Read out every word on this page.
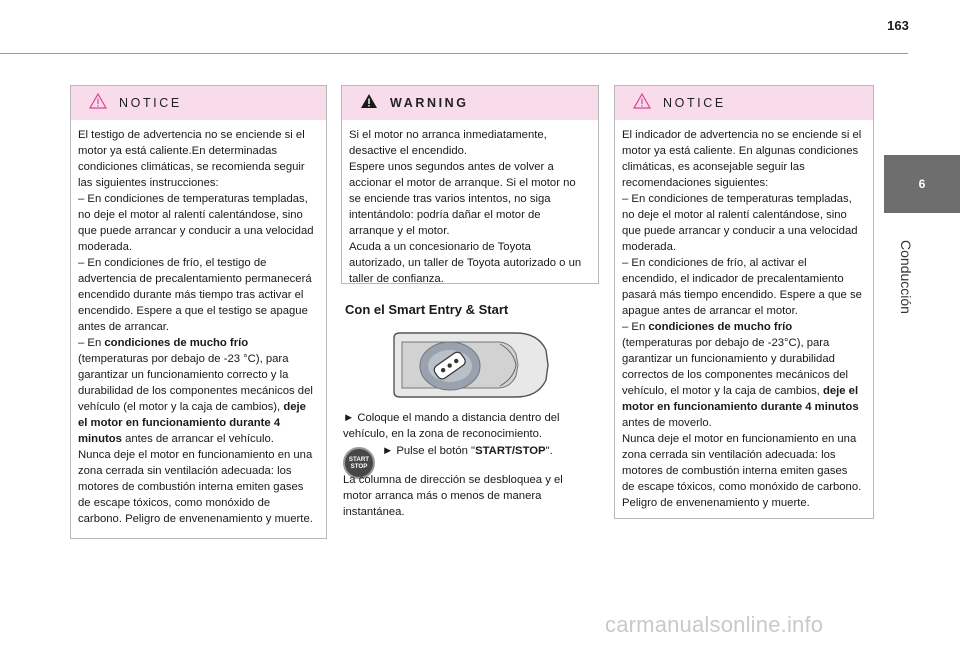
163
6
Conducción
NOTICE

El testigo de advertencia no se enciende si el motor ya está caliente.En determinadas condiciones climáticas, se recomienda seguir las siguientes instrucciones:

– En condiciones de temperaturas templadas, no deje el motor al ralentí calentándose, sino que puede arrancar y conducir a una velocidad moderada.

– En condiciones de frío, el testigo de advertencia de precalentamiento permanecerá encendido durante más tiempo tras activar el encendido. Espere a que el testigo se apague antes de arrancar.

– En condiciones de mucho frío (temperaturas por debajo de -23 °C), para garantizar un funcionamiento correcto y la durabilidad de los componentes mecánicos del vehículo (el motor y la caja de cambios), deje el motor en funcionamiento durante 4 minutos antes de arrancar el vehículo.

Nunca deje el motor en funcionamiento en una zona cerrada sin ventilación adecuada: los motores de combustión interna emiten gases de escape tóxicos, como monóxido de carbono. Peligro de envenenamiento y muerte.

WARNING

Si el motor no arranca inmediatamente, desactive el encendido.

Espere unos segundos antes de volver a accionar el motor de arranque. Si el motor no se enciende tras varios intentos, no siga intentándolo: podría dañar el motor de arranque y el motor.

Acuda a un concesionario de Toyota autorizado, un taller de Toyota autorizado o un taller de confianza.

Con el Smart Entry & Start
► Coloque el mando a distancia dentro del vehículo, en la zona de reconocimiento.
START
STOP
► Pulse el botón "START/STOP".
La columna de dirección se desbloquea y el motor arranca más o menos de manera instantánea.
NOTICE

El indicador de advertencia no se enciende si el motor ya está caliente. En algunas condiciones climáticas, es aconsejable seguir las recomendaciones siguientes:

– En condiciones de temperaturas templadas, no deje el motor al ralentí calentándose, sino que puede arrancar y conducir a una velocidad moderada.

– En condiciones de frío, al activar el encendido, el indicador de precalentamiento pasará más tiempo encendido. Espere a que se apague antes de arrancar el motor.

– En condiciones de mucho frío (temperaturas por debajo de -23°C), para garantizar un funcionamiento y durabilidad correctos de los componentes mecánicos del vehículo, el motor y la caja de cambios, deje el motor en funcionamiento durante 4 minutos antes de moverlo.

Nunca deje el motor en funcionamiento en una zona cerrada sin ventilación adecuada: los motores de combustión interna emiten gases de escape tóxicos, como monóxido de carbono. Peligro de envenenamiento y muerte.

carmanualsonline.info
